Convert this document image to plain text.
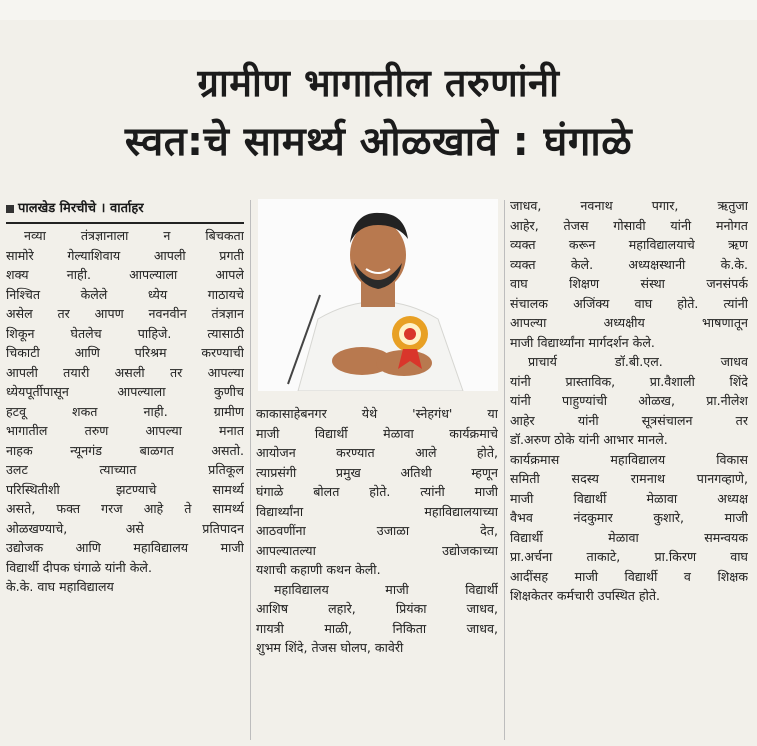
ग्रामीण भागातील तरुणांनी
स्वत:चे सामर्थ्य ओळखावे : घंगाळे
पालखेड मिरचीचे । वार्ताहर
नव्या तंत्रज्ञानाला न बिचकता
सामोरे गेल्याशिवाय आपली प्रगती
शक्य नाही. आपल्याला आपले
निश्चित केलेले ध्येय गाठायचे
असेल तर आपण नवनवीन तंत्रज्ञान
शिकून घेतलेच पाहिजे. त्यासाठी
चिकाटी आणि परिश्रम करण्याची
आपली तयारी असली तर आपल्या
ध्येयपूर्तीपासून आपल्याला कुणीच
हटवू शकत नाही. ग्रामीण
भागातील तरुण आपल्या मनात
नाहक न्यूनगंड बाळगत असतो.
उलट त्याच्यात प्रतिकूल
परिस्थितीशी झटण्याचे सामर्थ्य
असते, फक्त गरज आहे ते सामर्थ्य
ओळखण्याचे, असे प्रतिपादन
उद्योजक आणि महाविद्यालय माजी
विद्यार्थी दीपक घंगाळे यांनी केले.
के.के. वाघ महाविद्यालय
काकासाहेबनगर येथे 'स्नेहगंध' या
माजी विद्यार्थी मेळावा कार्यक्रमाचे
आयोजन करण्यात आले होते,
त्याप्रसंगी प्रमुख अतिथी म्हणून
घंगाळे बोलत होते. त्यांनी माजी
विद्यार्थ्यांना महाविद्यालयाच्या
आठवणींना उजाळा देत,
आपल्यातल्या उद्योजकाच्या
यशाची कहाणी कथन केली.
महाविद्यालय माजी विद्यार्थी
आशिष लहारे, प्रियंका जाधव,
गायत्री माळी, निकिता जाधव,
शुभम शिंदे, तेजस घोलप, कावेरी
जाधव, नवनाथ पगार, ऋतुजा
आहेर, तेजस गोसावी यांनी मनोगत
व्यक्त करून महाविद्यालयाचे ऋण
व्यक्त केले. अध्यक्षस्थानी के.के.
वाघ शिक्षण संस्था जनसंपर्क
संचालक अजिंक्य वाघ होते. त्यांनी
आपल्या अध्यक्षीय भाषणातून
माजी विद्यार्थ्यांना मार्गदर्शन केले.
प्राचार्य डॉ.बी.एल. जाधव
यांनी प्रास्ताविक, प्रा.वैशाली शिंदे
यांनी पाहुण्यांची ओळख, प्रा.नीलेश
आहेर यांनी सूत्रसंचालन तर
डॉ.अरुण ठोके यांनी आभार मानले.
कार्यक्रमास महाविद्यालय विकास
समिती सदस्य रामनाथ पानगव्हाणे,
माजी विद्यार्थी मेळावा अध्यक्ष
वैभव नंदकुमार कुशारे, माजी
विद्यार्थी मेळावा समन्वयक
प्रा.अर्चना ताकाटे, प्रा.किरण वाघ
आदींसह माजी विद्यार्थी व शिक्षक
शिक्षकेतर कर्मचारी उपस्थित होते.
